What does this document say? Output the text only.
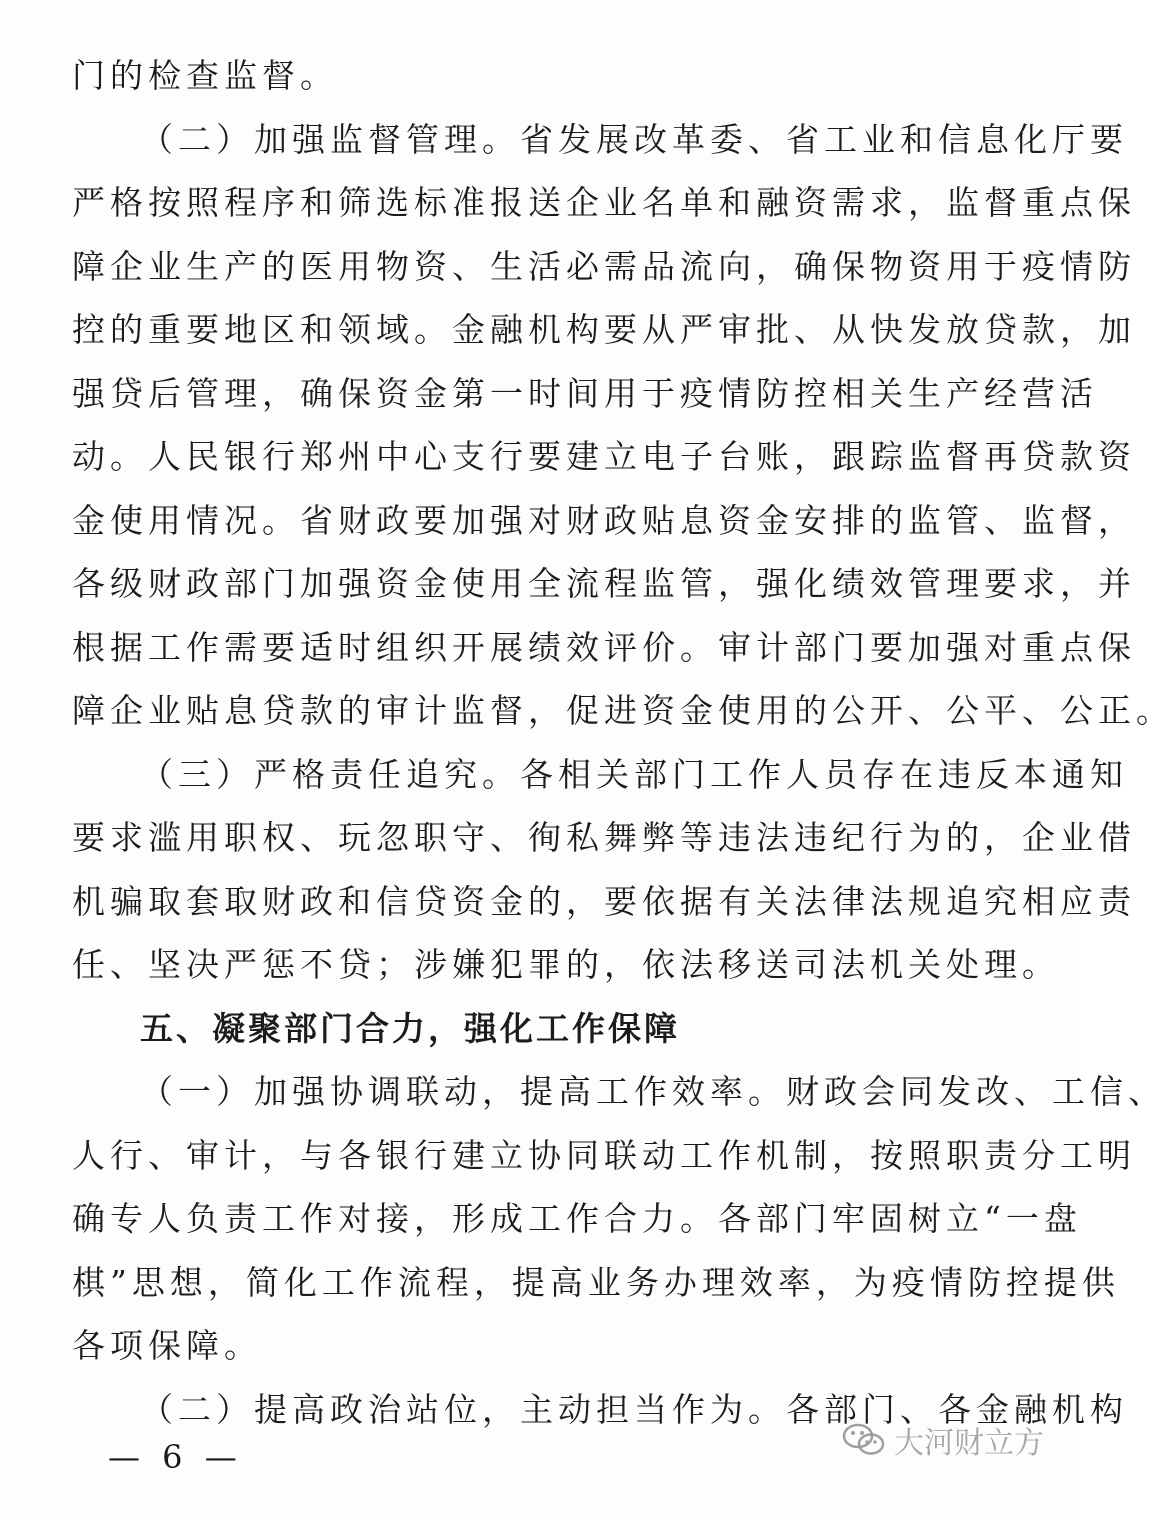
门的检查监督。
（二）加强监督管理。省发展改革委、省工业和信息化厅要
严格按照程序和筛选标准报送企业名单和融资需求，监督重点保
障企业生产的医用物资、生活必需品流向，确保物资用于疫情防
控的重要地区和领域。金融机构要从严审批、从快发放贷款，加
强贷后管理，确保资金第一时间用于疫情防控相关生产经营活
动。人民银行郑州中心支行要建立电子台账，跟踪监督再贷款资
金使用情况。省财政要加强对财政贴息资金安排的监管、监督，
各级财政部门加强资金使用全流程监管，强化绩效管理要求，并
根据工作需要适时组织开展绩效评价。审计部门要加强对重点保
障企业贴息贷款的审计监督，促进资金使用的公开、公平、公正。
（三）严格责任追究。各相关部门工作人员存在违反本通知
要求滥用职权、玩忽职守、徇私舞弊等违法违纪行为的，企业借
机骗取套取财政和信贷资金的，要依据有关法律法规追究相应责
任、坚决严惩不贷；涉嫌犯罪的，依法移送司法机关处理。
五、凝聚部门合力，强化工作保障
（一）加强协调联动，提高工作效率。财政会同发改、工信、
人行、审计，与各银行建立协同联动工作机制，按照职责分工明
确专人负责工作对接，形成工作合力。各部门牢固树立“一盘
棋”思想，简化工作流程，提高业务办理效率，为疫情防控提供
各项保障。
（二）提高政治站位，主动担当作为。各部门、各金融机构
— 6 —	大河财立方
